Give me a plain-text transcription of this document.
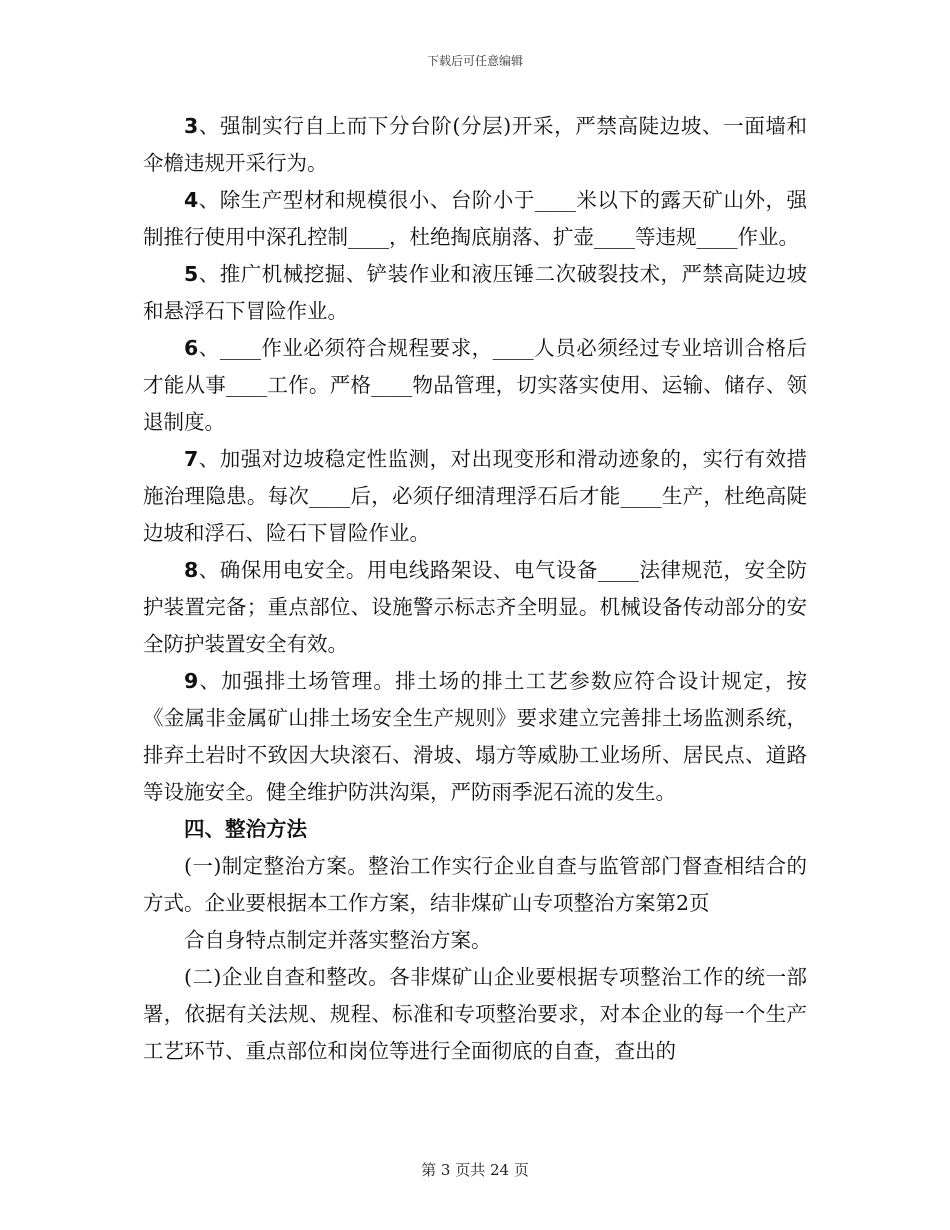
下载后可任意编辑

3、强制实行自上而下分台阶(分层)开采，严禁高陡边坡、一面墙和伞檐违规开采行为。

4、除生产型材和规模很小、台阶小于____米以下的露天矿山外，强制推行使用中深孔控制____，杜绝掏底崩落、扩壶____等违规____作业。

5、推广机械挖掘、铲装作业和液压锤二次破裂技术，严禁高陡边坡和悬浮石下冒险作业。

6、____作业必须符合规程要求，____人员必须经过专业培训合格后才能从事____工作。严格____物品管理，切实落实使用、运输、储存、领退制度。

7、加强对边坡稳定性监测，对出现变形和滑动迹象的，实行有效措施治理隐患。每次____后，必须仔细清理浮石后才能____生产，杜绝高陡边坡和浮石、险石下冒险作业。

8、确保用电安全。用电线路架设、电气设备____法律规范，安全防护装置完备；重点部位、设施警示标志齐全明显。机械设备传动部分的安全防护装置安全有效。

9、加强排土场管理。排土场的排土工艺参数应符合设计规定，按《金属非金属矿山排土场安全生产规则》要求建立完善排土场监测系统，排弃土岩时不致因大块滚石、滑坡、塌方等威胁工业场所、居民点、道路等设施安全。健全维护防洪沟渠，严防雨季泥石流的发生。

四、整治方法

(一)制定整治方案。整治工作实行企业自查与监管部门督查相结合的方式。企业要根据本工作方案，结非煤矿山专项整治方案第2页

合自身特点制定并落实整治方案。

(二)企业自查和整改。各非煤矿山企业要根据专项整治工作的统一部署，依据有关法规、规程、标准和专项整治要求，对本企业的每一个生产工艺环节、重点部位和岗位等进行全面彻底的自查，查出的

第 3 页共 24 页
